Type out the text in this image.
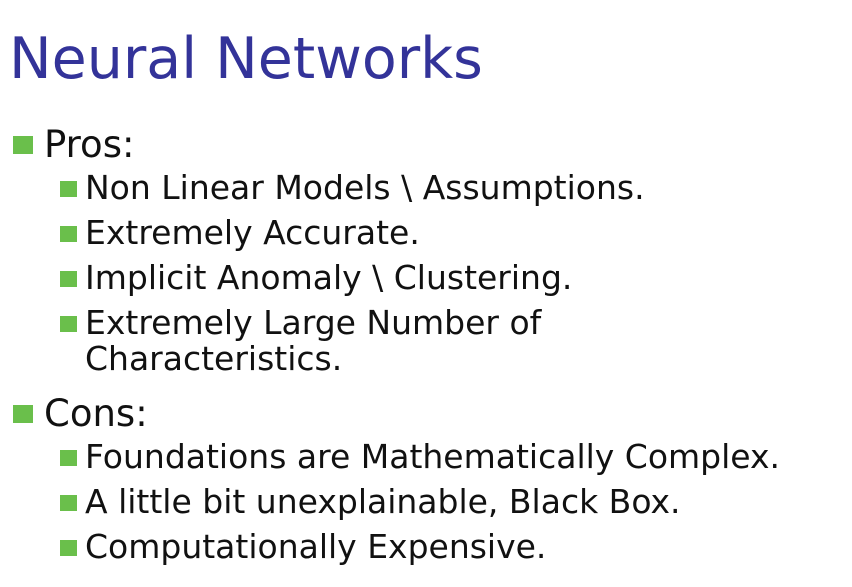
Neural Networks
Pros:
Non Linear Models \ Assumptions.
Extremely Accurate.
Implicit Anomaly \ Clustering.
Extremely Large Number of
Characteristics.
Cons:
Foundations are Mathematically Complex.
A little bit unexplainable, Black Box.
Computationally Expensive.
